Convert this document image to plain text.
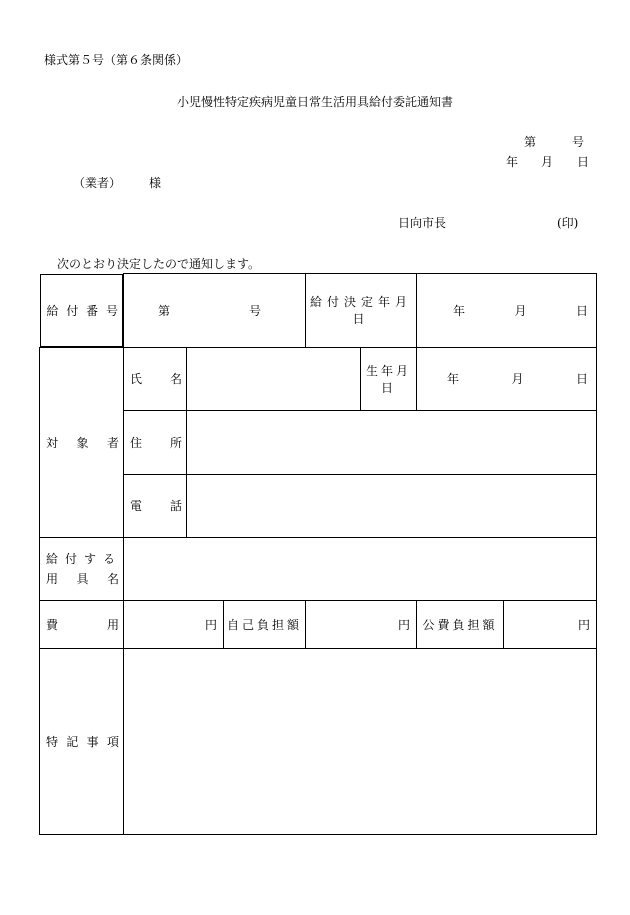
様式第５号（第６条関係）
小児慢性特定疾病児童日常生活用具給付委託通知書
第	号
年 月 日
（業者） 様
日向市長	(印)
次のとおり決定したので通知します。
給 付 番 号	第 号			給付決定年月日		年 月 日	

対 象 者	氏 名				生年月日	年 月 日	

	住 所						

	電 話						

給付する
用 具 名							

費 用	円		自己負担額	円		公費負担額	円

特 記 事 項							
